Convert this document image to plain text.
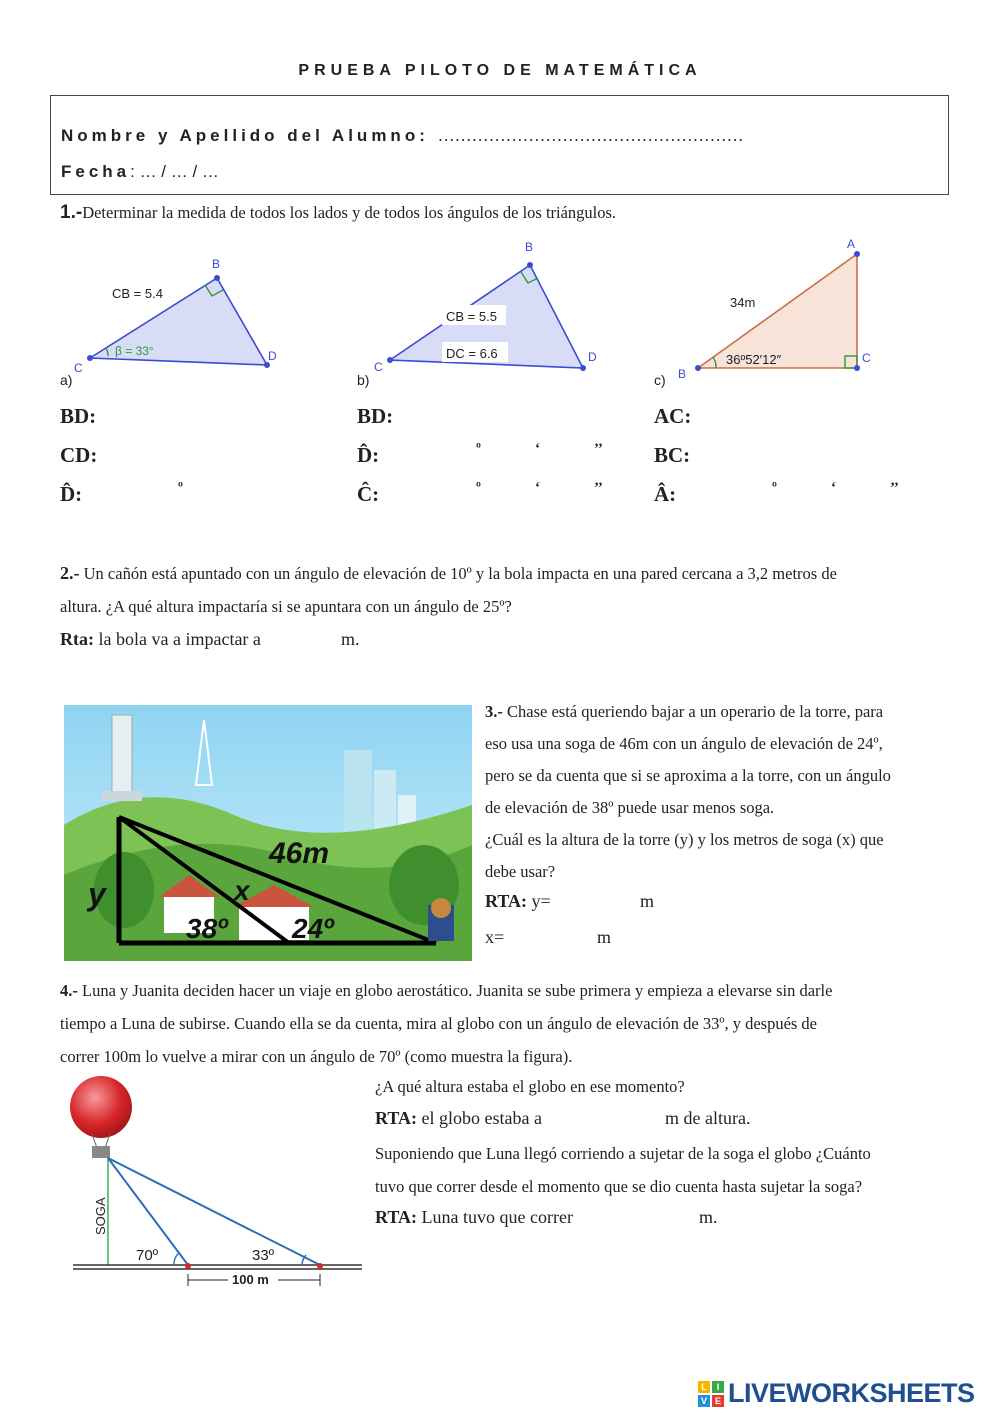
PRUEBA PILOTO DE MATEMÁTICA
Nombre y Apellido del Alumno: ………………………………………………
Fecha: … / … / …
1.-Determinar la medida de todos los lados y de todos los ángulos de los triángulos.
B
C
D
CB = 5.4
β = 33°
a)
B
C
D
CB = 5.5
DC = 6.6
b)
A
B
C
34m
36º52′12″
c)
BD:
CD:
D̂:	º
BD:
D̂:	º	‘	’’
Ĉ:	º	‘	’’
AC:
BC:
Â:	º	‘	’’
2.- Un cañón está apuntado con un ángulo de elevación de 10º y la bola impacta en una pared cercana a 3,2 metros de
altura. ¿A qué altura impactaría si se apuntara con un ángulo de 25º?
Rta: la bola va a impactar a	m.
46m
x
y
38º 24º
3.- Chase está queriendo bajar a un operario de la torre, para
eso usa una soga de 46m con un ángulo de elevación de 24º,
pero se da cuenta que si se aproxima a la torre, con un ángulo
de elevación de 38º puede usar menos soga.
¿Cuál es la altura de la torre (y) y los metros de soga (x) que
debe usar?
RTA: y=	m
x=	m
4.- Luna y Juanita deciden hacer un viaje en globo aerostático. Juanita se sube primera y empieza a elevarse sin darle
tiempo a Luna de subirse. Cuando ella se da cuenta, mira al globo con un ángulo de elevación de 33º, y después de
correr 100m lo vuelve a mirar con un ángulo de 70º (como muestra la figura).
SOGA
70º	33º
100 m
¿A qué altura estaba el globo en ese momento?
RTA: el globo estaba a	m de altura.
Suponiendo que Luna llegó corriendo a sujetar de la soga el globo ¿Cuánto
tuvo que correr desde el momento que se dio cuenta hasta sujetar la soga?
RTA: Luna tuvo que correr	m.
L	I
V E LIVEWORKSHEETS
